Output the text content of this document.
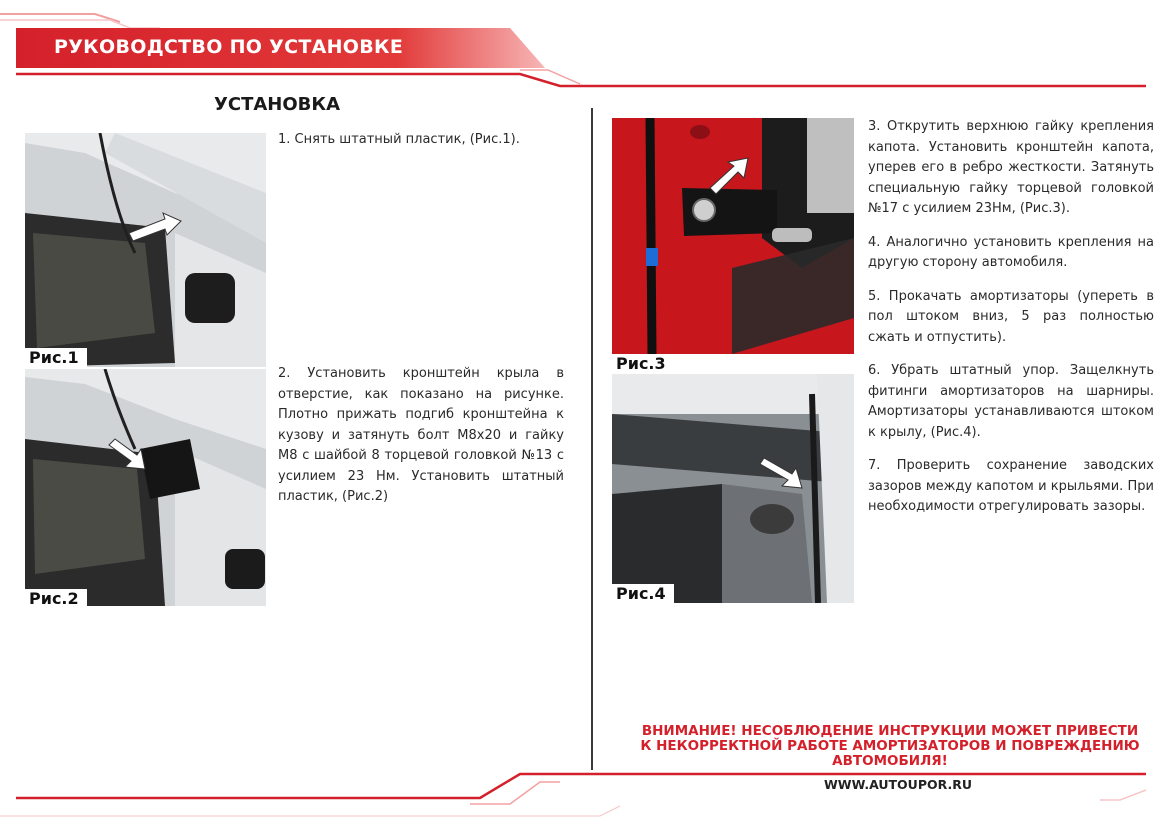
РУКОВОДСТВО ПО УСТАНОВКЕ
УСТАНОВКА
Рис.1
Рис.2
Рис.3
Рис.4

1. Снять штатный пластик, (Рис.1).

2. Установить кронштейн крыла в отверстие, как показано на рисунке. Плотно прижать подгиб кронштейна к кузову и затянуть болт М8х20 и гайку М8 с шайбой 8 торцевой головкой №13 с усилием 23 Нм. Установить штатный пластик, (Рис.2)

3. Открутить верхнюю гайку крепления капота. Установить кронштейн капота, уперев его в ребро жесткости. Затянуть специальную гайку торцевой головкой №17 с усилием 23Нм, (Рис.3).

4. Аналогично установить крепления на другую сторону автомобиля.

5. Прокачать амортизаторы (упереть в пол штоком вниз, 5 раз полностью сжать и отпустить).

6. Убрать штатный упор. Защелкнуть фитинги амортизаторов на шарниры. Амортизаторы устанавливаются штоком к крылу, (Рис.4).

7. Проверить сохранение заводских зазоров между капотом и крыльями. При необходимости отрегулировать зазоры.

ВНИМАНИЕ! НЕСОБЛЮДЕНИЕ ИНСТРУКЦИИ МОЖЕТ ПРИВЕСТИ К НЕКОРРЕКТНОЙ РАБОТЕ АМОРТИЗАТОРОВ И ПОВРЕЖДЕНИЮ АВТОМОБИЛЯ!
WWW.AUTOUPOR.RU
